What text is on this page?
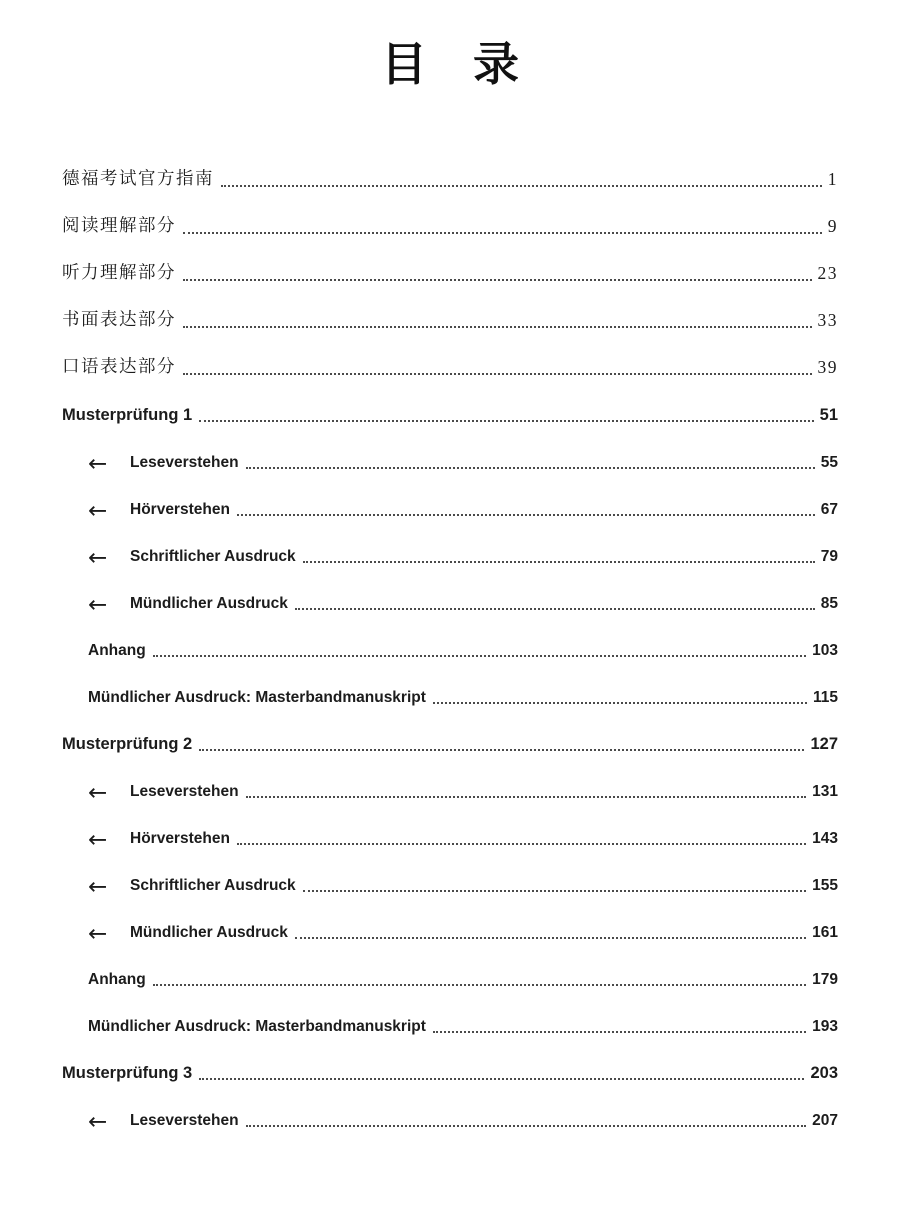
目　录
德福考试官方指南	1
阅读理解部分	9
听力理解部分	23
书面表达部分	33
口语表达部分	39
Musterprüfung 1	51
←	Leseverstehen	55
←	Hörverstehen	67
←	Schriftlicher Ausdruck	79
←	Mündlicher Ausdruck	85
Anhang	103
Mündlicher Ausdruck: Masterbandmanuskript	115
Musterprüfung 2	127
←	Leseverstehen	131
←	Hörverstehen	143
←	Schriftlicher Ausdruck	155
←	Mündlicher Ausdruck	161
Anhang	179
Mündlicher Ausdruck: Masterbandmanuskript	193
Musterprüfung 3	203
←	Leseverstehen	207
